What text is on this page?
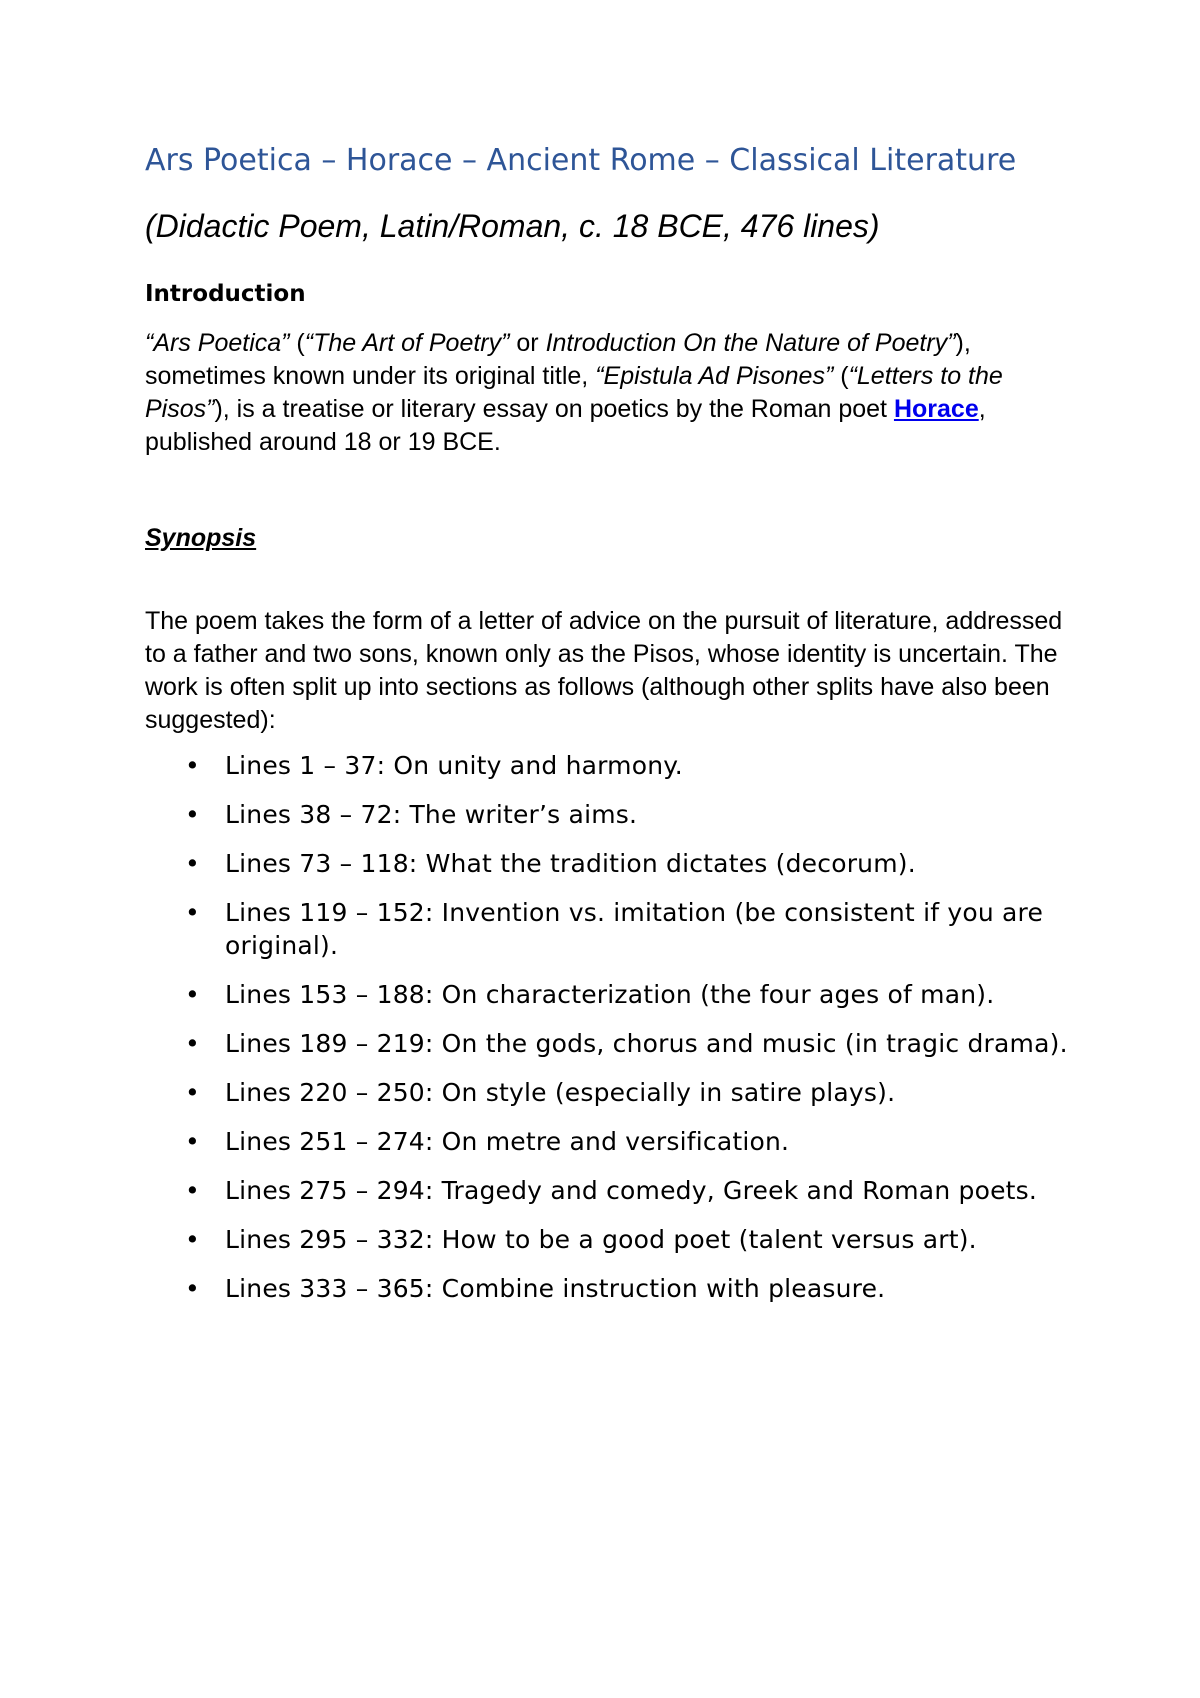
Ars Poetica – Horace – Ancient Rome – Classical Literature

(Didactic Poem, Latin/Roman, c. 18 BCE, 476 lines)

Introduction

“Ars Poetica” (“The Art of Poetry” or Introduction On the Nature of Poetry”), sometimes known under its original title, “Epistula Ad Pisones” (“Letters to the Pisos”), is a treatise or literary essay on poetics by the Roman poet Horace, published around 18 or 19 BCE.

Synopsis

The poem takes the form of a letter of advice on the pursuit of literature, addressed to a father and two sons, known only as the Pisos, whose identity is uncertain. The work is often split up into sections as follows (although other splits have also been suggested):

• Lines 1 – 37: On unity and harmony.
• Lines 38 – 72: The writer’s aims.
• Lines 73 – 118: What the tradition dictates (decorum).
• Lines 119 – 152: Invention vs. imitation (be consistent if you are original).
• Lines 153 – 188: On characterization (the four ages of man).
• Lines 189 – 219: On the gods, chorus and music (in tragic drama).
• Lines 220 – 250: On style (especially in satire plays).
• Lines 251 – 274: On metre and versification.
• Lines 275 – 294: Tragedy and comedy, Greek and Roman poets.
• Lines 295 – 332: How to be a good poet (talent versus art).
• Lines 333 – 365: Combine instruction with pleasure.
